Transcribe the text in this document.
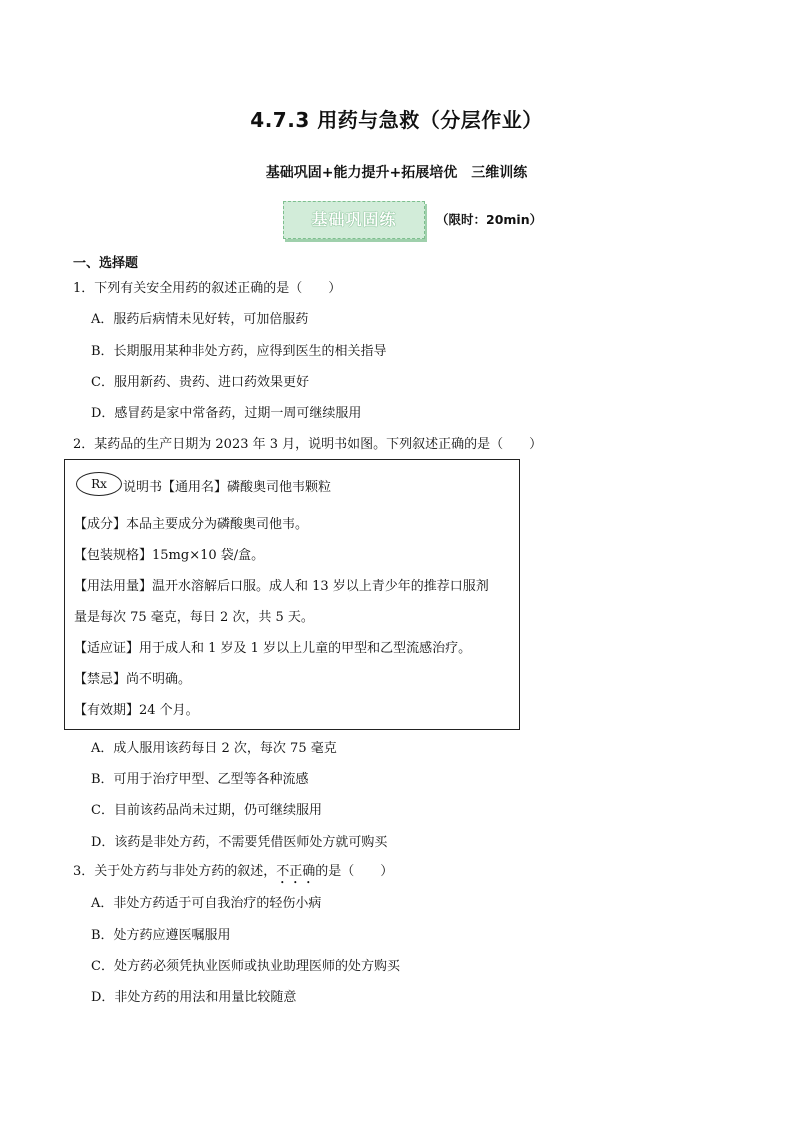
4.7.3 用药与急救（分层作业）
基础巩固+能力提升+拓展培优　三维训练
基础巩固练	（限时：20min）
一、选择题
1．下列有关安全用药的叙述正确的是（　　）
A．服药后病情未见好转，可加倍服药
B．长期服用某种非处方药，应得到医生的相关指导
C．服用新药、贵药、进口药效果更好
D．感冒药是家中常备药，过期一周可继续服用
2．某药品的生产日期为 2023 年 3 月，说明书如图。下列叙述正确的是（　　）
Rx	说明书【通用名】磷酸奥司他韦颗粒
【成分】本品主要成分为磷酸奥司他韦。
【包装规格】15mg×10 袋/盒。
【用法用量】温开水溶解后口服。成人和 13 岁以上青少年的推荐口服剂
量是每次 75 毫克，每日 2 次，共 5 天。
【适应证】用于成人和 1 岁及 1 岁以上儿童的甲型和乙型流感治疗。
【禁忌】尚不明确。
【有效期】24 个月。
A．成人服用该药每日 2 次，每次 75 毫克
B．可用于治疗甲型、乙型等各种流感
C．目前该药品尚未过期，仍可继续服用
D．该药是非处方药，不需要凭借医师处方就可购买
3．关于处方药与非处方药的叙述，不正确的是（　　）
A．非处方药适于可自我治疗的轻伤小病
B．处方药应遵医嘱服用
C．处方药必须凭执业医师或执业助理医师的处方购买
D．非处方药的用法和用量比较随意
